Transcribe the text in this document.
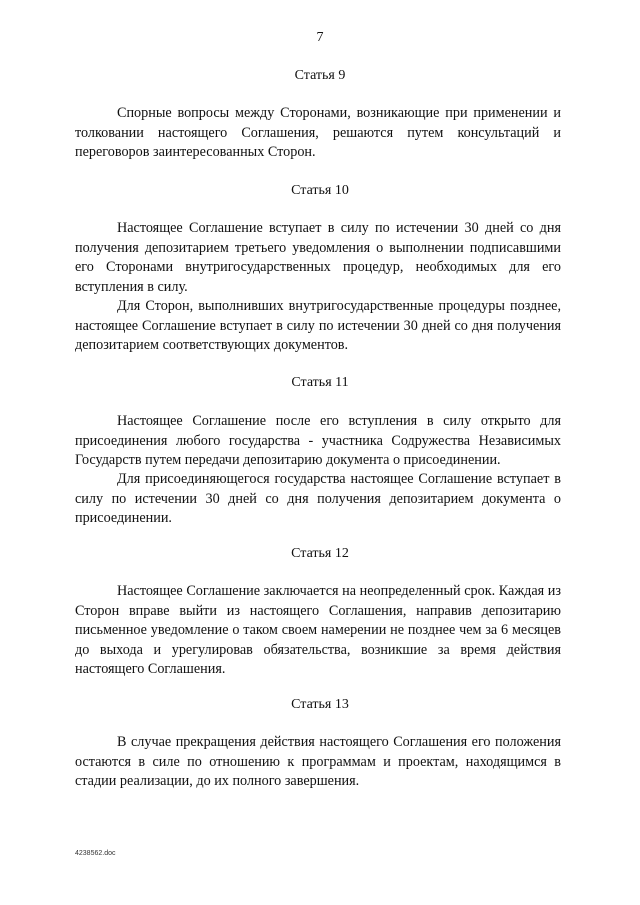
7
Статья 9
Спорные вопросы между Сторонами, возникающие при применении и толковании настоящего Соглашения, решаются путем консультаций и переговоров заинтересованных Сторон.
Статья 10
Настоящее Соглашение вступает в силу по истечении 30 дней со дня получения депозитарием третьего уведомления о выполнении подписавшими его Сторонами внутригосударственных процедур, необходимых для его вступления в силу.
Для Сторон, выполнивших внутригосударственные процедуры позднее, настоящее Соглашение вступает в силу по истечении 30 дней со дня получения депозитарием соответствующих документов.
Статья 11
Настоящее Соглашение после его вступления в силу открыто для присоединения любого государства - участника Содружества Независимых Государств путем передачи депозитарию документа о присоединении.
Для присоединяющегося государства настоящее Соглашение вступает в силу по истечении 30 дней со дня получения депозитарием документа о присоединении.
Статья 12
Настоящее Соглашение заключается на неопределенный срок. Каждая из Сторон вправе выйти из настоящего Соглашения, направив депозитарию письменное уведомление о таком своем намерении не позднее чем за 6 месяцев до выхода и урегулировав обязательства, возникшие за время действия настоящего Соглашения.
Статья 13
В случае прекращения действия настоящего Соглашения его положения остаются в силе по отношению к программам и проектам, находящимся в стадии реализации, до их полного завершения.
4238562.doc
